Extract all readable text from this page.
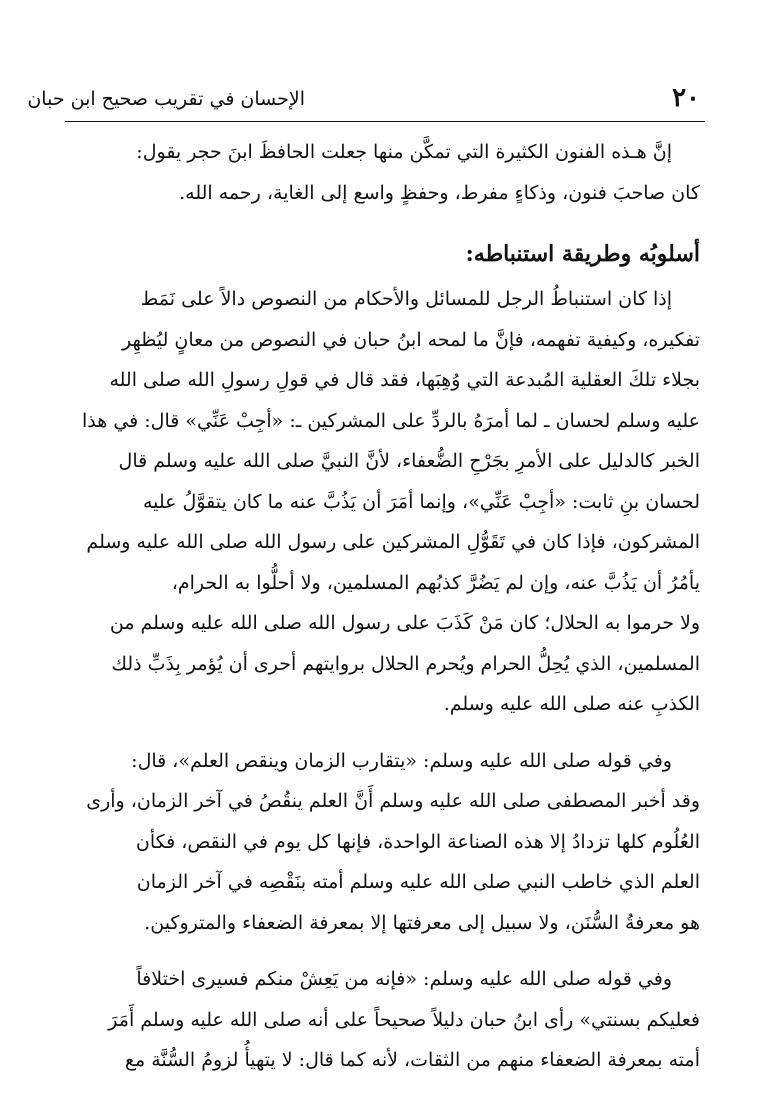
٢٠
الإحسان في تقريب صحيح ابن حبان

إنَّ هـذه الفنون الكثيرة التي تمكَّن منها جعلت الحافظَ ابنَ حجر يقول:
كان صاحبَ فنون، وذكاءٍ مفرط، وحفظٍ واسع إلى الغاية، رحمه الله.

أسلوبُه وطريقة استنباطه:

إذا كان استنباطُ الرجل للمسائل والأحكام من النصوص دالاً على نَمَط
تفكيره، وكيفية تفهمه، فإنَّ ما لمحه ابنُ حبان في النصوص من معانٍ ليُظهِر
بجلاء تلكَ العقلية المُبدعة التي وُهِبَها، فقد قال في قولِ رسولِ الله صلى الله
عليه وسلم لحسان ـ لما أمرَهُ بالردِّ على المشركين ـ: «أجِبْ عَنِّي» قال: في هذا
الخبر كالدليل على الأمرِ بجَرْحِ الضُّعفاء، لأنَّ النبيَّ صلى الله عليه وسلم قال
لحسان بنِ ثابت: «أجِبْ عَنِّي»، وإنما أمَرَ أن يَذُبَّ عنه ما كان يتقوَّلُ عليه
المشركون، فإذا كان في تَقَوُّلِ المشركين على رسول الله صلى الله عليه وسلم
يأمُرُ أن يَذُبَّ عنه، وإن لم يَضُرَّ كذبُهم المسلمين، ولا أحلُّوا به الحرام،
ولا حرموا به الحلال؛ كان مَنْ كَذَبَ على رسول الله صلى الله عليه وسلم من
المسلمين، الذي يُحِلُّ الحرام ويُحرم الحلال بروايتهم أحرى أن يُؤمر بِذَبِّ ذلك
الكذبِ عنه صلى الله عليه وسلم.

وفي قوله صلى الله عليه وسلم: «يتقارب الزمان وينقص العلم»، قال:
وقد أخبر المصطفى صلى الله عليه وسلم أَنَّ العلم ينقُصُ في آخر الزمان، وأرى
العُلُوم كلها تزدادُ إلا هذه الصناعة الواحدة، فإنها كل يوم في النقص، فكأن
العلم الذي خاطب النبي صلى الله عليه وسلم أمته بنَقْصِه في آخر الزمان
هو معرفةُ السُّنَن، ولا سبيل إلى معرفتها إلا بمعرفة الضعفاء والمتروكين.

وفي قوله صلى الله عليه وسلم: «فإنه من يَعِشْ منكم فسيرى اختلافاً
فعليكم بسنتي» رأى ابنُ حبان دليلاً صحيحاً على أنه صلى الله عليه وسلم أَمَرَ
أمته بمعرفة الضعفاء منهم من الثقات، لأنه كما قال: لا يتهيأُ لزومُ السُّنَّة مع
